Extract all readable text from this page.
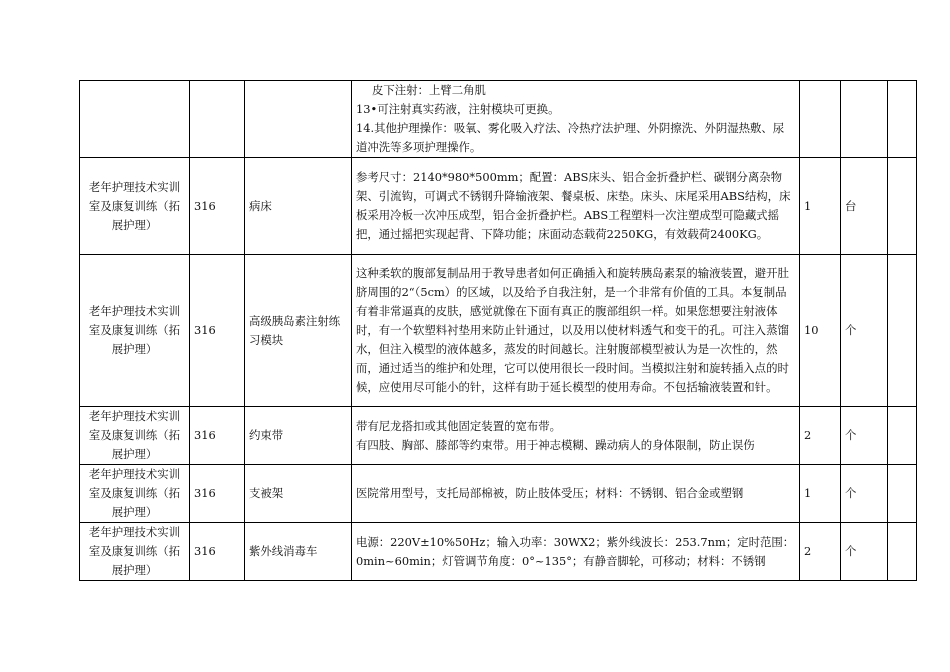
			皮下注射：上臂二角肌
13•可注射真实药液，注射模块可更换。
14.其他护理操作：吸氧、雾化吸入疗法、冷热疗法护理、外阴擦洗、外阴湿热敷、尿道冲洗等多项护理操作。			

老年护理技术实训室及康复训练（拓展护理）	316	病床	参考尺寸：2140*980*500mm；配置：ABS床头、铝合金折叠护栏、碳钢分离杂物架、引流钩，可调式不锈钢升降输液架、餐桌板、床垫。床头、床尾采用ABS结构，床板采用冷板一次冲压成型，铝合金折叠护栏。ABS工程塑料一次注塑成型可隐藏式摇把，通过摇把实现起背、下降功能；床面动态载荷2250KG，有效载荷2400KG。	1	台	
老年护理技术实训室及康复训练（拓展护理）	316	高级胰岛素注射练习模块	这种柔软的腹部复制品用于教导患者如何正确插入和旋转胰岛素泵的输液装置，避开肚脐周围的2“（5cm）的区域，以及给予自我注射，是一个非常有价值的工具。本复制品有着非常逼真的皮肤，感觉就像在下面有真正的腹部组织一样。如果您想要注射液体时，有一个软塑料衬垫用来防止针通过，以及用以使材料透气和变干的孔。可注入蒸馏水，但注入模型的液体越多，蒸发的时间越长。注射腹部模型被认为是一次性的，然而，通过适当的维护和处理，它可以使用很长一段时间。当模拟注射和旋转插入点的时候，应使用尽可能小的针，这样有助于延长模型的使用寿命。不包括输液装置和针。	10	个	
老年护理技术实训室及康复训练（拓展护理）	316	约束带	带有尼龙搭扣或其他固定装置的宽布带。
有四肢、胸部、膝部等约束带。用于神志模糊、躁动病人的身体限制，防止误伤	2	个	
老年护理技术实训室及康复训练（拓展护理）	316	支被架	医院常用型号，支托局部棉被，防止肢体受压；材料：不锈钢、铝合金或塑钢	1	个	
老年护理技术实训室及康复训练（拓展护理）	316	紫外线消毒车	电源：220V±10%50Hz；输入功率：30WX2；紫外线波长：253.7nm；定时范围：0min~60min；灯管调节角度：0°~135°；有静音脚轮，可移动；材料：不锈钢	2	个	
